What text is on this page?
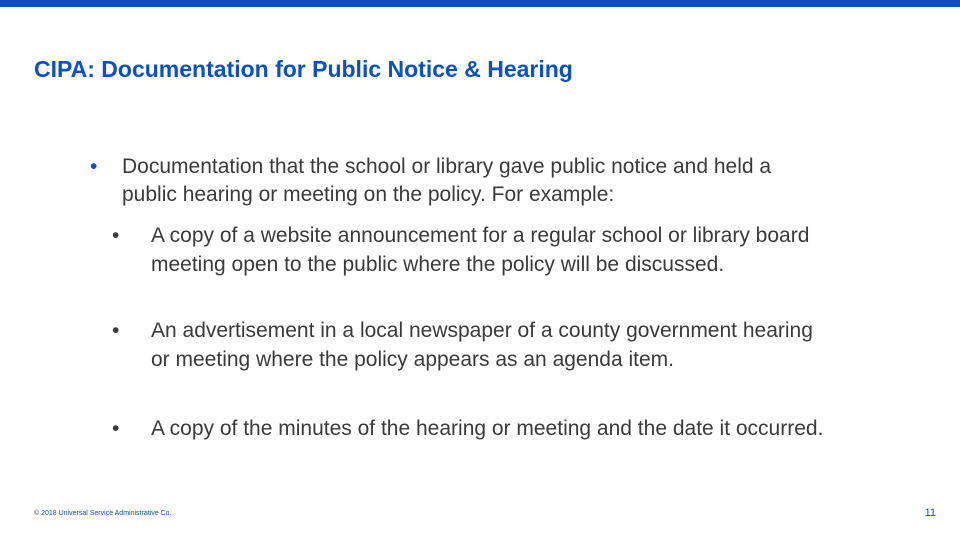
CIPA: Documentation for Public Notice & Hearing
•	Documentation that the school or library gave public notice and held a public hearing or meeting on the policy. For example:
•	A copy of a website announcement for a regular school or library board meeting open to the public where the policy will be discussed.
•	An advertisement in a local newspaper of a county government hearing or meeting where the policy appears as an agenda item.
•	A copy of the minutes of the hearing or meeting and the date it occurred.
© 2018 Universal Service Administrative Co.	11
